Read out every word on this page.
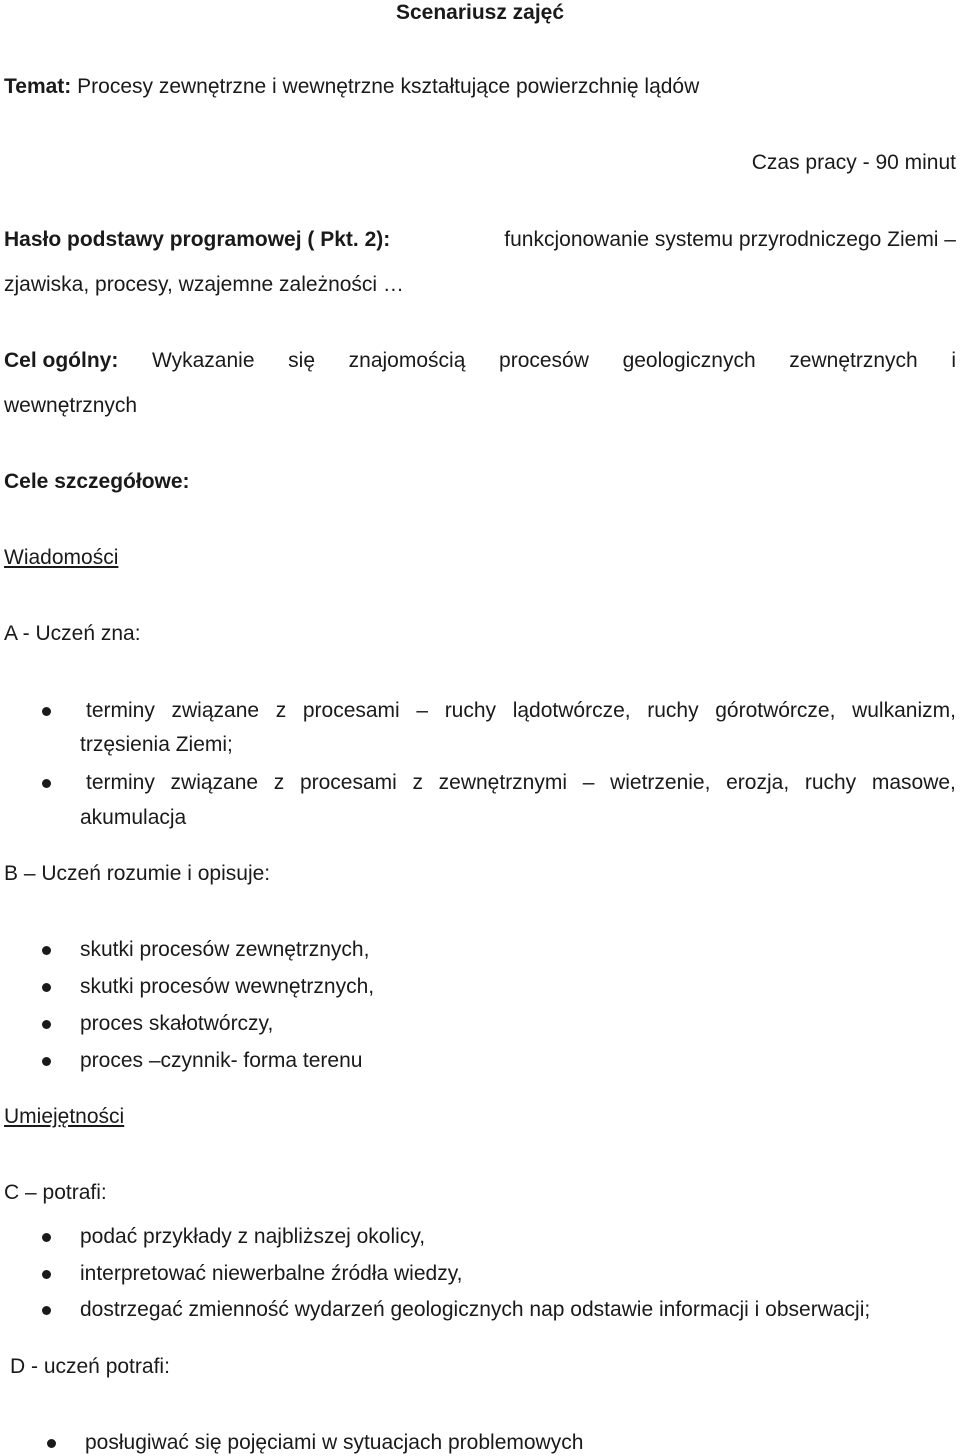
Scenariusz zajęć
Temat: Procesy zewnętrzne i wewnętrzne kształtujące powierzchnię lądów
Czas pracy - 90 minut
Hasło podstawy programowej ( Pkt. 2):	funkcjonowanie systemu przyrodniczego Ziemi –
zjawiska, procesy, wzajemne zależności …
Cel ogólny: Wykazanie się znajomością procesów geologicznych zewnętrznych i
wewnętrznych
Cele szczegółowe:
Wiadomości
A - Uczeń zna:
terminy związane z procesami – ruchy lądotwórcze, ruchy górotwórcze, wulkanizm,
trzęsienia Ziemi;
terminy związane z procesami z zewnętrznymi – wietrzenie, erozja, ruchy masowe,
akumulacja
B – Uczeń rozumie i opisuje:
skutki procesów zewnętrznych,
skutki procesów wewnętrznych,
proces skałotwórczy,
proces –czynnik- forma terenu
Umiejętności
C – potrafi:
podać przykłady z najbliższej okolicy,
interpretować niewerbalne źródła wiedzy,
dostrzegać zmienność wydarzeń geologicznych nap odstawie informacji i obserwacji;
D - uczeń potrafi:
posługiwać się pojęciami w sytuacjach problemowych
